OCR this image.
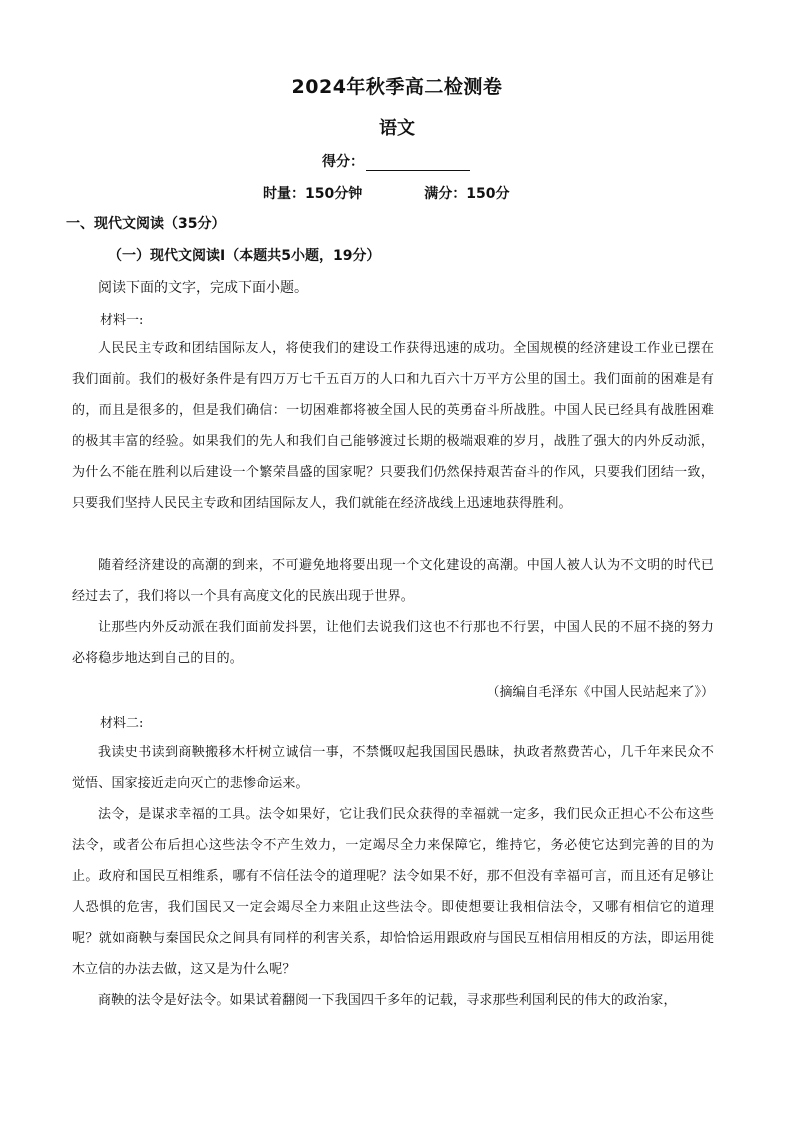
2024年秋季高二检测卷
语文
得分：
时量：150分钟	满分：150分
一、现代文阅读（35分）
（一）现代文阅读Ⅰ（本题共5小题，19分）
阅读下面的文字，完成下面小题。
材料一:
人民民主专政和团结国际友人，将使我们的建设工作获得迅速的成功。全国规模的经济建设工作业已摆在我们面前。我们的极好条件是有四万万七千五百万的人口和九百六十万平方公里的国土。我们面前的困难是有的，而且是很多的，但是我们确信：一切困难都将被全国人民的英勇奋斗所战胜。中国人民已经具有战胜困难的极其丰富的经验。如果我们的先人和我们自己能够渡过长期的极端艰难的岁月，战胜了强大的内外反动派，为什么不能在胜利以后建设一个繁荣昌盛的国家呢？只要我们仍然保持艰苦奋斗的作风，只要我们团结一致，只要我们坚持人民民主专政和团结国际友人，我们就能在经济战线上迅速地获得胜利。
随着经济建设的高潮的到来，不可避免地将要出现一个文化建设的高潮。中国人被人认为不文明的时代已经过去了，我们将以一个具有高度文化的民族出现于世界。
让那些内外反动派在我们面前发抖罢，让他们去说我们这也不行那也不行罢，中国人民的不屈不挠的努力必将稳步地达到自己的目的。
（摘编自毛泽东《中国人民站起来了》）
材料二:
我读史书读到商鞅搬移木杆树立诚信一事，不禁慨叹起我国国民愚昧，执政者熬费苦心，几千年来民众不觉悟、国家接近走向灭亡的悲惨命运来。
法令，是谋求幸福的工具。法令如果好，它让我们民众获得的幸福就一定多，我们民众正担心不公布这些法令，或者公布后担心这些法令不产生效力，一定竭尽全力来保障它，维持它，务必使它达到完善的目的为止。政府和国民互相维系，哪有不信任法令的道理呢？法令如果不好，那不但没有幸福可言，而且还有足够让人恐惧的危害，我们国民又一定会竭尽全力来阻止这些法令。即使想要让我相信法令，又哪有相信它的道理呢？就如商鞅与秦国民众之间具有同样的利害关系，却恰恰运用跟政府与国民互相信用相反的方法，即运用徙木立信的办法去做，这又是为什么呢？
商鞅的法令是好法令。如果试着翻阅一下我国四千多年的记载，寻求那些利国利民的伟大的政治家，
